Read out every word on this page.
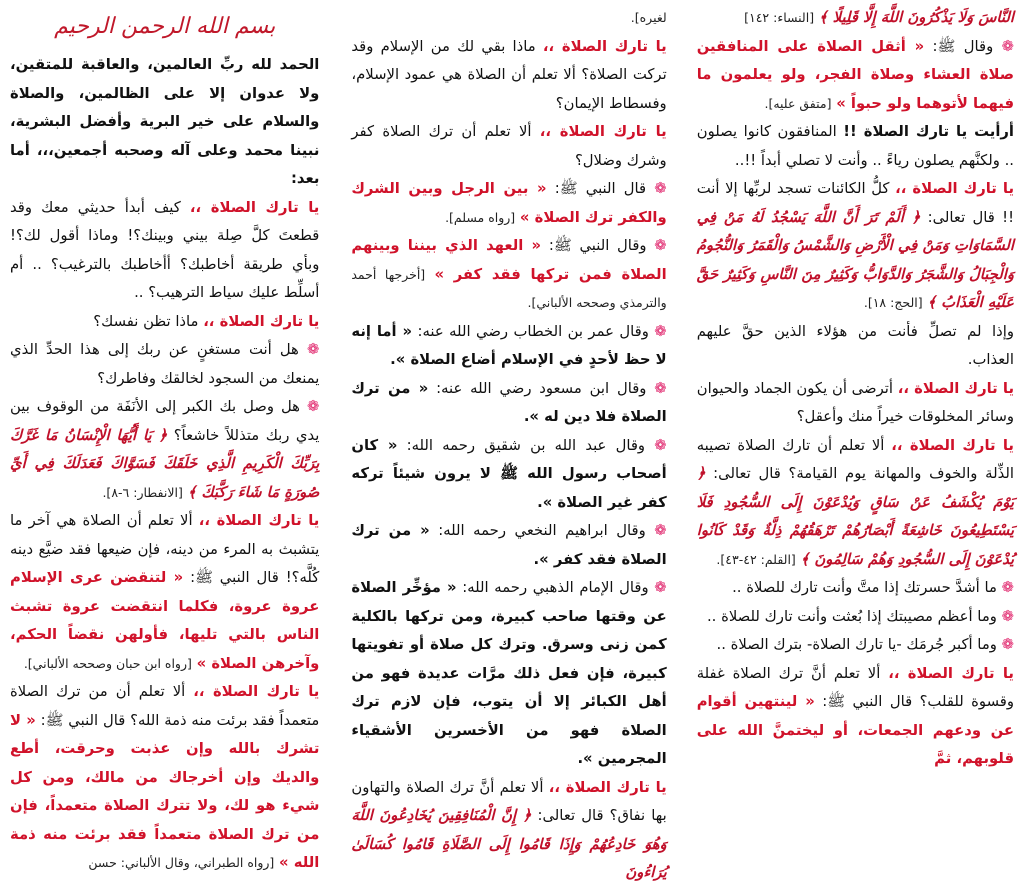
بسم الله الرحمن الرحيم

الحمد لله ربِّ العالمين، والعاقبة للمتقين، ولا عدوان إلا على الظالمين، والصلاة والسلام على خير البرية وأفضل البشرية، نبينا محمد وعلى آله وصحبه أجمعين،،، أما بعد:

يا تارك الصلاة ،، كيف أبدأ حديثي معك وقد قطعتَ كلَّ صِلة بيني وبينك؟! وماذا أقول لك؟! وبأي طريقة أخاطبك؟ أأخاطبك بالترغيب؟ .. أم أسلِّط عليك سياط الترهيب؟ ..

يا تارك الصلاة ،، ماذا تظن نفسك؟

❁ هل أنت مستغنٍ عن ربك إلى هذا الحدِّ الذي يمنعك من السجود لخالقك وفاطرك؟

❁ هل وصل بك الكبر إلى الأنَفَة من الوقوف بين يدي ربك متذللاً خاشعاً؟ ﴿ يَا أَيُّهَا الْإِنْسَانُ مَا غَرَّكَ بِرَبِّكَ الْكَرِيمِ الَّذِي خَلَقَكَ فَسَوَّاكَ فَعَدَلَكَ فِي أَيِّ صُورَةٍ مَا شَاءَ رَكَّبَكَ ﴾ [الانفطار: ٦-٨].

يا تارك الصلاة ،، ألا تعلم أن الصلاة هي آخر ما يتشبث به المرء من دينه، فإن ضيعها فقد ضيَّع دينه كُلَّه؟! قال النبي ﷺ: « لتنقضن عرى الإسلام عروة عروة، فكلما انتقضت عروة تشبث الناس بالتي تليها، فأولهن نقضاً الحكم، وآخرهن الصلاة » [رواه ابن حبان وصححه الألباني].

يا تارك الصلاة ،، ألا تعلم أن من ترك الصلاة متعمداً فقد برئت منه ذمة الله؟ قال النبي ﷺ: « لا تشرك بالله وإن عذبت وحرقت، أطع والديك وإن أخرجاك من مالك، ومن كل شيء هو لك، ولا تترك الصلاة متعمداً، فإن من ترك الصلاة متعمداً فقد برئت منه ذمة الله » [رواه الطبراني، وقال الألباني: حسن

لغيره].

يا تارك الصلاة ،، ماذا بقي لك من الإسلام وقد تركت الصلاة؟ ألا تعلم أن الصلاة هي عمود الإسلام، وفسطاط الإيمان؟

يا تارك الصلاة ،، ألا تعلم أن ترك الصلاة كفر وشرك وضلال؟

❁ قال النبي ﷺ: « بين الرجل وبين الشرك والكفر ترك الصلاة » [رواه مسلم].

❁ وقال النبي ﷺ: « العهد الذي بيننا وبينهم الصلاة فمن تركها فقد كفر » [أخرجها أحمد والترمذي وصححه الألباني].

❁ وقال عمر بن الخطاب رضي الله عنه: « أما إنه لا حظ لأحدٍ في الإسلام أضاع الصلاة ».

❁ وقال ابن مسعود رضي الله عنه: « من ترك الصلاة فلا دين له ».

❁ وقال عبد الله بن شقيق رحمه الله: « كان أصحاب رسول الله ﷺ لا يرون شيئاً تركه كفر غير الصلاة ».

❁ وقال ابراهيم النخعي رحمه الله: « من ترك الصلاة فقد كفر ».

❁ وقال الإمام الذهبي رحمه الله: « مؤخِّر الصلاة عن وقتها صاحب كبيرة، ومن تركها بالكلية كمن زنى وسرق. وترك كل صلاة أو تفويتها كبيرة، فإن فعل ذلك مرَّات عديدة فهو من أهل الكبائر إلا أن يتوب، فإن لازم ترك الصلاة فهو من الأخسرين الأشقياء المجرمين ».

يا تارك الصلاة ،، ألا تعلم أنَّ ترك الصلاة والتهاون بها نفاق؟ قال تعالى: ﴿ إِنَّ الْمُنَافِقِينَ يُخَادِعُونَ اللَّهَ وَهُوَ خَادِعُهُمْ وَإِذَا قَامُوا إِلَى الصَّلَاةِ قَامُوا كُسَالَىٰ يُرَاءُونَ

النَّاسَ وَلَا يَذْكُرُونَ اللَّهَ إِلَّا قَلِيلًا ﴾ [النساء: ١٤٢]

❁ وقال ﷺ: « أثقل الصلاة على المنافقين صلاة العشاء وصلاة الفجر، ولو يعلمون ما فيهما لأتوهما ولو حبواً » [متفق عليه].

أرأيت يا تارك الصلاة !! المنافقون كانوا يصلون .. ولكنَّهم يصلون رياءً .. وأنت لا تصلي أبداً !!..

يا تارك الصلاة ،، كلُّ الكائنات تسجد لربِّها إلا أنت !! قال تعالى: ﴿ أَلَمْ تَرَ أَنَّ اللَّهَ يَسْجُدُ لَهُ مَنْ فِي السَّمَاوَاتِ وَمَنْ فِي الْأَرْضِ وَالشَّمْسُ وَالْقَمَرُ وَالنُّجُومُ وَالْجِبَالُ وَالشَّجَرُ وَالدَّوَابُّ وَكَثِيرٌ مِنَ النَّاسِ وَكَثِيرٌ حَقَّ عَلَيْهِ الْعَذَابُ ﴾ [الحج: ١٨].

وإذا لم تصلِّ فأنت من هؤلاء الذين حقَّ عليهم العذاب.

يا تارك الصلاة ،، أترضى أن يكون الجماد والحيوان وسائر المخلوقات خيراً منك وأعقل؟

يا تارك الصلاة ،، ألا تعلم أن تارك الصلاة تصيبه الذِّلة والخوف والمهانة يوم القيامة؟ قال تعالى: ﴿ يَوْمَ يُكْشَفُ عَنْ سَاقٍ وَيُدْعَوْنَ إِلَى السُّجُودِ فَلَا يَسْتَطِيعُونَ خَاشِعَةً أَبْصَارُهُمْ تَرْهَقُهُمْ ذِلَّةٌ وَقَدْ كَانُوا يُدْعَوْنَ إِلَى السُّجُودِ وَهُمْ سَالِمُونَ ﴾ [القلم: ٤٢-٤٣].

❁ ما أشدَّ حسرتك إذا متَّ وأنت تارك للصلاة ..

❁ وما أعظم مصيبتك إذا بُعثت وأنت تارك للصلاة ..

❁ وما أكبر جُرمَك -يا تارك الصلاة- بترك الصلاة ..

يا تارك الصلاة ،، ألا تعلم أنَّ ترك الصلاة غفلة وقسوة للقلب؟ قال النبي ﷺ: « لينتهين أقوام عن ودعهم الجمعات، أو ليختمنَّ الله على قلوبهم، ثمَّ
